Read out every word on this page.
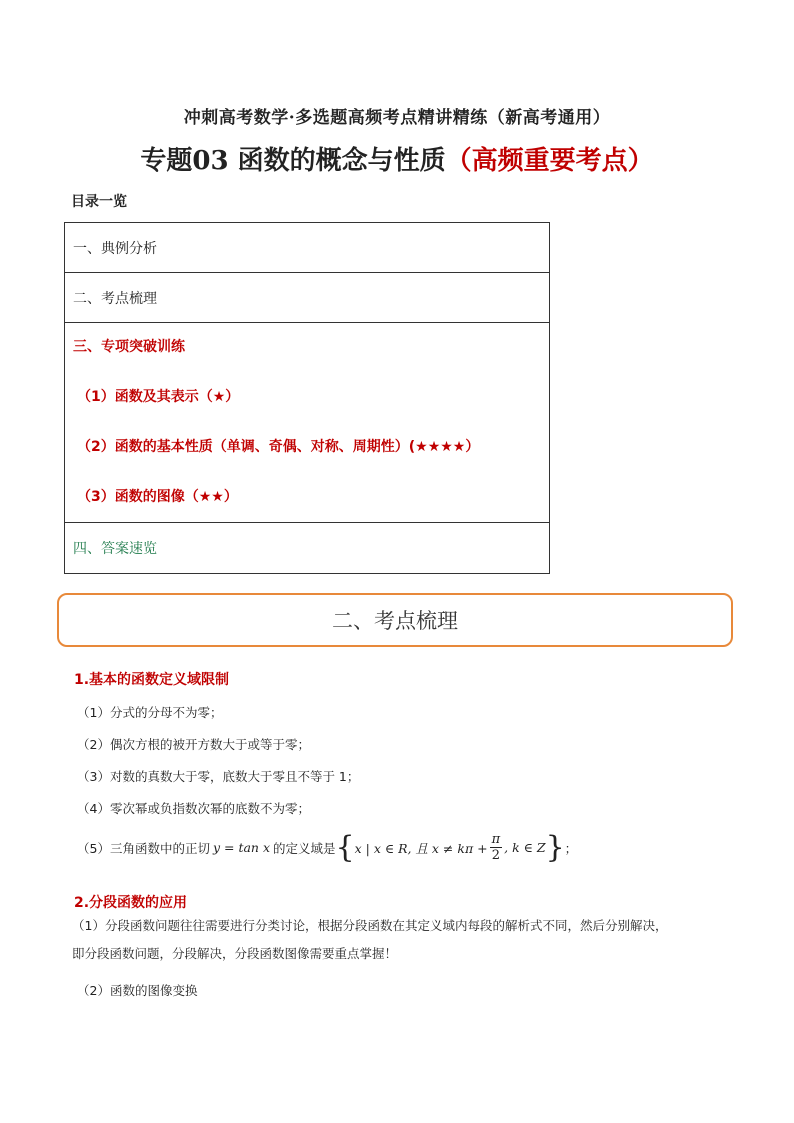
冲刺高考数学·多选题高频考点精讲精练（新高考通用）
专题03 函数的概念与性质（高频重要考点）
目录一览
一、典例分析
二、考点梳理
三、专项突破训练
（1）函数及其表示（★）
（2）函数的基本性质（单调、奇偶、对称、周期性）(★★★★）
（3）函数的图像（★★）
四、答案速览
二、考点梳理
1.基本的函数定义域限制
（1）分式的分母不为零；
（2）偶次方根的被开方数大于或等于零；
（3）对数的真数大于零，底数大于零且不等于 1；
（4）零次幂或负指数次幂的底数不为零；
（5）三角函数中的正切 y = tan x 的定义域是 { x | x ∈ R, 且 $x \ne k\pi + \frac{\pi}{2}$ , k ∈ Z } ；
2.分段函数的应用
（1）分段函数问题往往需要进行分类讨论，根据分段函数在其定义域内每段的解析式不同，然后分别解决，
即分段函数问题，分段解决，分段函数图像需要重点掌握！
（2）函数的图像变换
